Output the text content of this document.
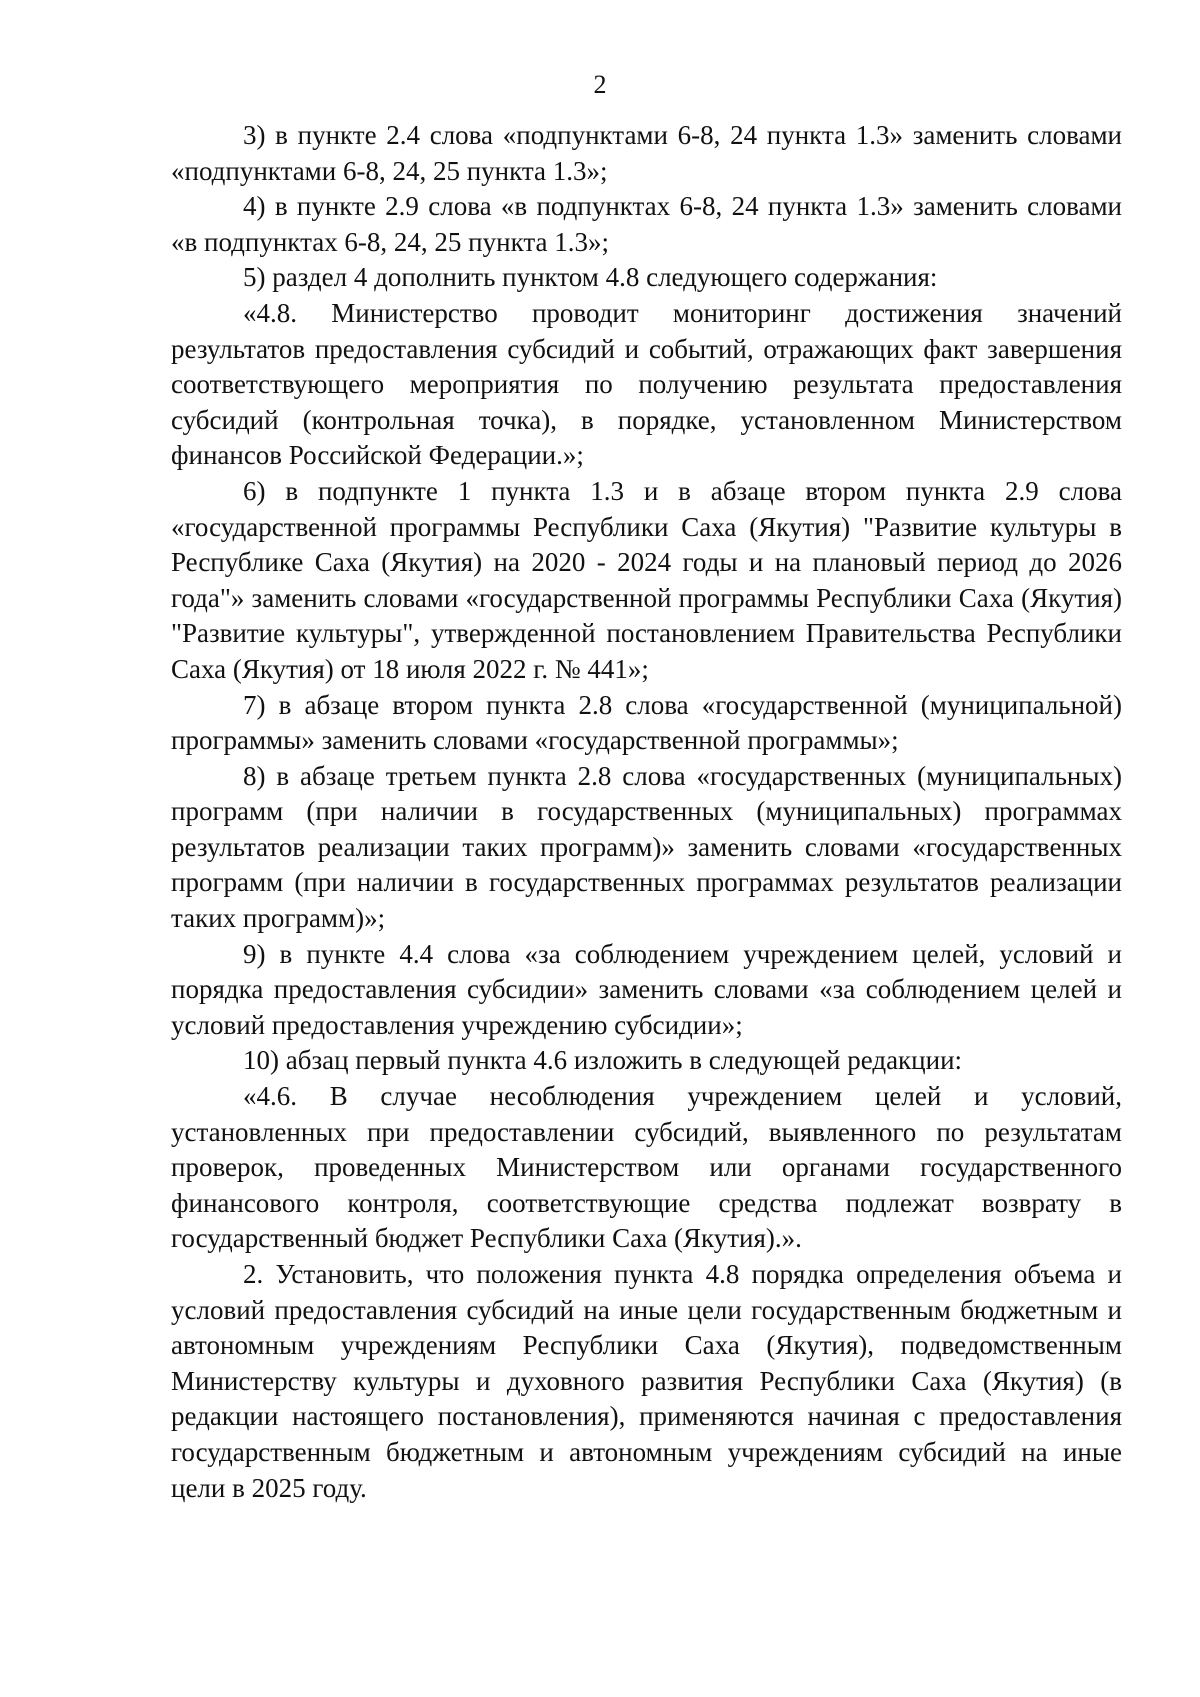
2

3) в пункте 2.4 слова «подпунктами 6-8, 24 пункта 1.3» заменить словами «подпунктами 6-8, 24, 25 пункта 1.3»;

4) в пункте 2.9 слова «в подпунктах 6-8, 24 пункта 1.3» заменить словами «в подпунктах 6-8, 24, 25 пункта 1.3»;

5) раздел 4 дополнить пунктом 4.8 следующего содержания:

«4.8. Министерство проводит мониторинг достижения значений результатов предоставления субсидий и событий, отражающих факт завершения соответствующего мероприятия по получению результата предоставления субсидий (контрольная точка), в порядке, установленном Министерством финансов Российской Федерации.»;

6) в подпункте 1 пункта 1.3 и в абзаце втором пункта 2.9 слова «государственной программы Республики Саха (Якутия) "Развитие культуры в Республике Саха (Якутия) на 2020 - 2024 годы и на плановый период до 2026 года"» заменить словами «государственной программы Республики Саха (Якутия) "Развитие культуры", утвержденной постановлением Правительства Республики Саха (Якутия) от 18 июля 2022 г. № 441»;

7) в абзаце втором пункта 2.8 слова «государственной (муниципальной) программы» заменить словами «государственной программы»;

8) в абзаце третьем пункта 2.8 слова «государственных (муниципальных) программ (при наличии в государственных (муниципальных) программах результатов реализации таких программ)» заменить словами «государственных программ (при наличии в государственных программах результатов реализации таких программ)»;

9) в пункте 4.4 слова «за соблюдением учреждением целей, условий и порядка предоставления субсидии» заменить словами «за соблюдением целей и условий предоставления учреждению субсидии»;

10) абзац первый пункта 4.6 изложить в следующей редакции:

«4.6. В случае несоблюдения учреждением целей и условий, установленных при предоставлении субсидий, выявленного по результатам проверок, проведенных Министерством или органами государственного финансового контроля, соответствующие средства подлежат возврату в государственный бюджет Республики Саха (Якутия).».

2. Установить, что положения пункта 4.8 порядка определения объема и условий предоставления субсидий на иные цели государственным бюджетным и автономным учреждениям Республики Саха (Якутия), подведомственным Министерству культуры и духовного развития Республики Саха (Якутия) (в редакции настоящего постановления), применяются начиная с предоставления государственным бюджетным и автономным учреждениям субсидий на иные цели в 2025 году.
